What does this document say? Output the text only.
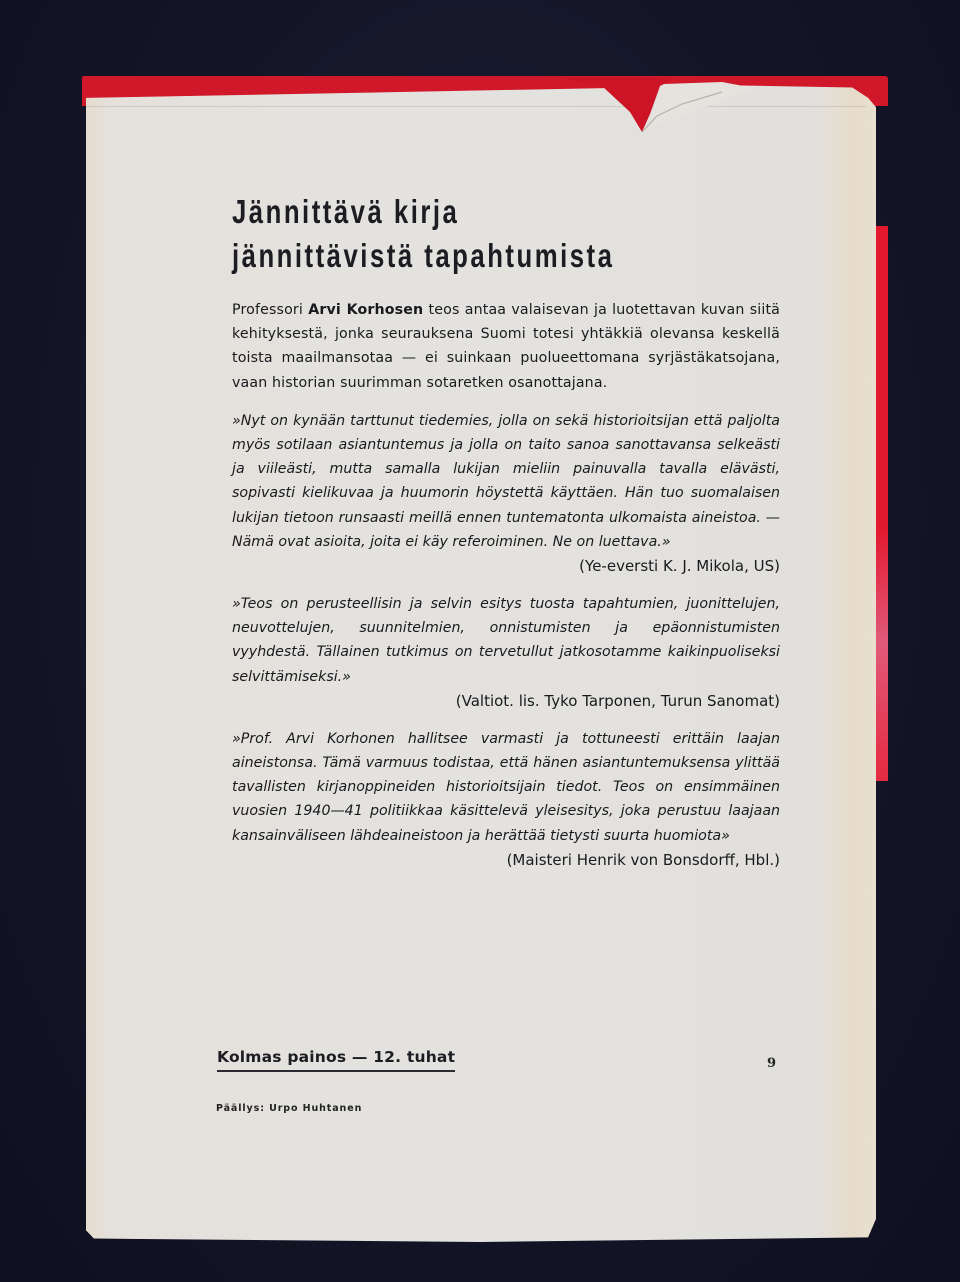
Jännittävä kirja
jännittävistä tapahtumista

Professori Arvi Korhosen teos antaa valaisevan ja luotettavan kuvan siitä kehityksestä, jonka seurauksena Suomi totesi yhtäkkiä olevansa keskellä toista maailmansotaa — ei suinkaan puolueettomana syrjästäkatsojana, vaan historian suurimman sotaretken osanottajana.

»Nyt on kynään tarttunut tiedemies, jolla on sekä historioitsijan että paljolta myös sotilaan asiantuntemus ja jolla on taito sanoa sanottavansa selkeästi ja viileästi, mutta samalla lukijan mieliin painuvalla tavalla elävästi, sopivasti kielikuvaa ja huumorin höystettä käyttäen. Hän tuo suomalaisen lukijan tietoon runsaasti meillä ennen tuntematonta ulkomaista aineistoa. — Nämä ovat asioita, joita ei käy referoiminen. Ne on luettava.»

(Ye-eversti K. J. Mikola, US)

»Teos on perusteellisin ja selvin esitys tuosta tapahtumien, juonittelujen, neuvottelujen, suunnitelmien, onnistumisten ja epäonnistumisten vyyhdestä. Tällainen tutkimus on tervetullut jatkosotamme kaikinpuoliseksi selvittämiseksi.»

(Valtiot. lis. Tyko Tarponen, Turun Sanomat)

»Prof. Arvi Korhonen hallitsee varmasti ja tottuneesti erittäin laajan aineistonsa. Tämä varmuus todistaa, että hänen asiantuntemuksensa ylittää tavallisten kirjanoppineiden historioitsijain tiedot. Teos on ensimmäinen vuosien 1940—41 politiikkaa käsittelevä yleisesitys, joka perustuu laajaan kansainväliseen lähdeaineistoon ja herättää tietysti suurta huomiota»

(Maisteri Henrik von Bonsdorff, Hbl.)

Kolmas painos — 12. tuhat	9
Päällys: Urpo Huhtanen
